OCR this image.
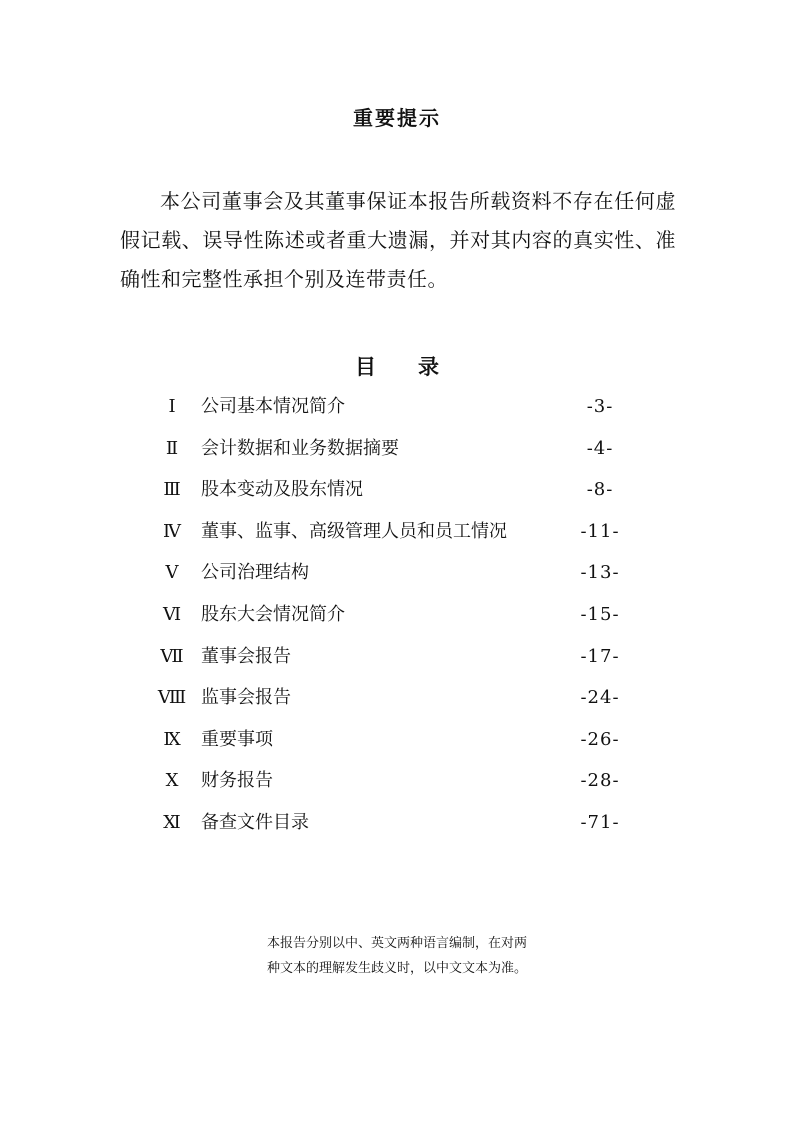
重要提示

本公司董事会及其董事保证本报告所载资料不存在任何虚假记载、误导性陈述或者重大遗漏，并对其内容的真实性、准确性和完整性承担个别及连带责任。

目 录
Ⅰ	公司基本情况简介	-3-
Ⅱ	会计数据和业务数据摘要	-4-
Ⅲ	股本变动及股东情况	-8-
Ⅳ	董事、监事、高级管理人员和员工情况	-11-
Ⅴ	公司治理结构	-13-
Ⅵ	股东大会情况简介	-15-
Ⅶ 董事会报告	-17-
Ⅷ 监事会报告	-24-
Ⅸ	重要事项	-26-
Ⅹ	财务报告	-28-
Ⅺ	备查文件目录	-71-

本报告分别以中、英文两种语言编制，在对两
种文本的理解发生歧义时，以中文文本为准。
